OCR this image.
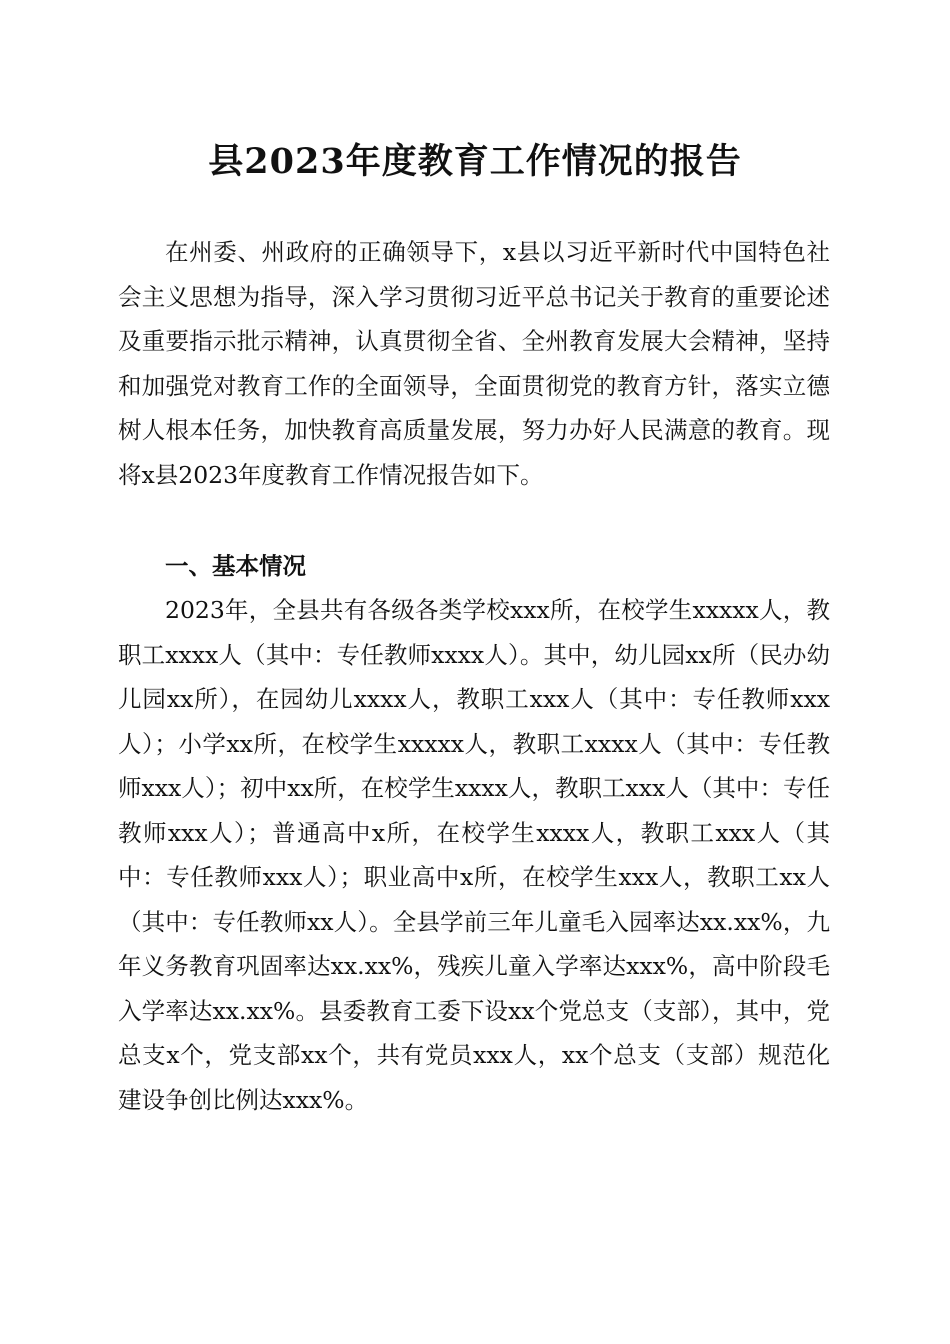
县2023年度教育工作情况的报告

在州委、州政府的正确领导下，x县以习近平新时代中国特色社会主义思想为指导，深入学习贯彻习近平总书记关于教育的重要论述及重要指示批示精神，认真贯彻全省、全州教育发展大会精神，坚持和加强党对教育工作的全面领导，全面贯彻党的教育方针，落实立德树人根本任务，加快教育高质量发展，努力办好人民满意的教育。现将x县2023年度教育工作情况报告如下。

一、基本情况

2023年，全县共有各级各类学校xxx所，在校学生xxxxx人，教职工xxxx人（其中：专任教师xxxx人）。其中，幼儿园xx所（民办幼儿园xx所），在园幼儿xxxx人，教职工xxx人（其中：专任教师xxx人）；小学xx所，在校学生xxxxx人，教职工xxxx人（其中：专任教师xxx人）；初中xx所，在校学生xxxx人，教职工xxx人（其中：专任教师xxx人）；普通高中x所，在校学生xxxx人，教职工xxx人（其中：专任教师xxx人）；职业高中x所，在校学生xxx人，教职工xx人（其中：专任教师xx人）。全县学前三年儿童毛入园率达xx.xx%，九年义务教育巩固率达xx.xx%，残疾儿童入学率达xxx%，高中阶段毛入学率达xx.xx%。县委教育工委下设xx个党总支（支部），其中，党总支x个，党支部xx个，共有党员xxx人，xx个总支（支部）规范化建设争创比例达xxx%。
